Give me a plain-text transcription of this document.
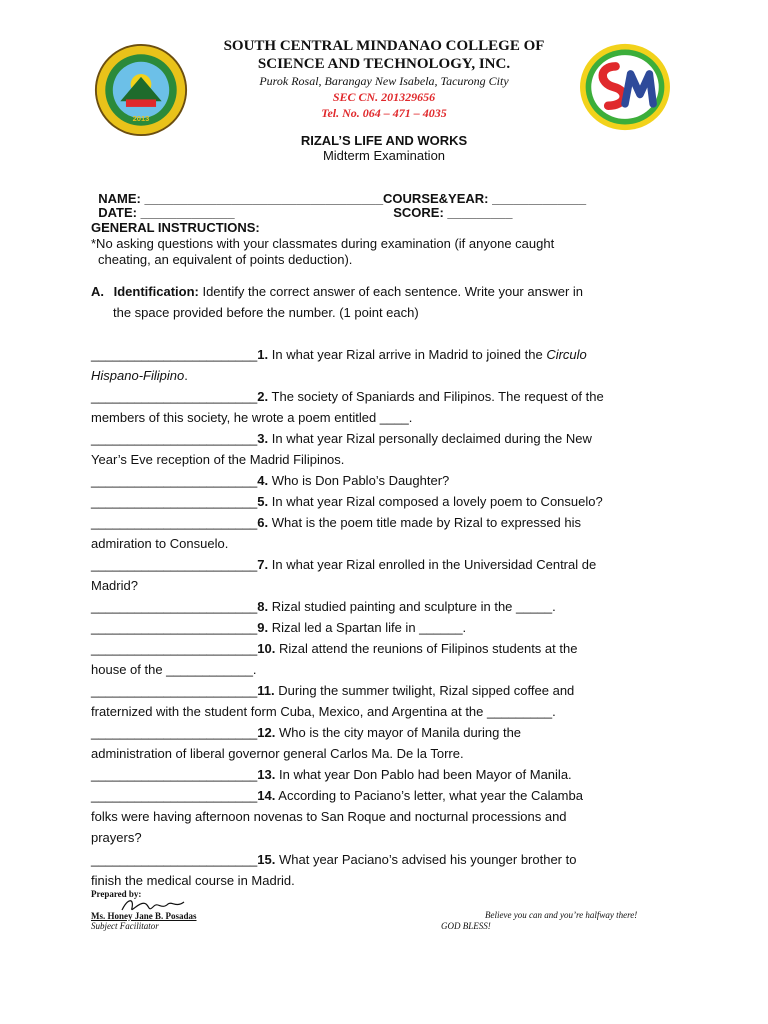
2013
SOUTH CENTRAL MINDANAO COLLEGE OF
SCIENCE AND TECHNOLOGY, INC.
Purok Rosal, Barangay New Isabela, Tacurong City
SEC CN. 201329656
Tel. No. 064 – 471 – 4035
RIZAL’S LIFE AND WORKS
Midterm Examination

NAME: _________________________________COURSE&YEAR: _____________

DATE: _____________	SCORE: _________

GENERAL INSTRUCTIONS:
*No asking questions with your classmates during examination (if anyone caught
cheating, an equivalent of points deduction).
A. Identification: Identify the correct answer of each sentence. Write your answer in
the space provided before the number. (1 point each)
_______________________1. In what year Rizal arrive in Madrid to joined the Circulo
Hispano-Filipino.
_______________________2. The society of Spaniards and Filipinos. The request of the
members of this society, he wrote a poem entitled ____.
_______________________3. In what year Rizal personally declaimed during the New
Year’s Eve reception of the Madrid Filipinos.
_______________________4. Who is Don Pablo’s Daughter?
_______________________5. In what year Rizal composed a lovely poem to Consuelo?
_______________________6. What is the poem title made by Rizal to expressed his
admiration to Consuelo.
_______________________7. In what year Rizal enrolled in the Universidad Central de
Madrid?
_______________________8. Rizal studied painting and sculpture in the _____.
_______________________9. Rizal led a Spartan life in ______.
_______________________10. Rizal attend the reunions of Filipinos students at the
house of the ____________.
_______________________11. During the summer twilight, Rizal sipped coffee and
fraternized with the student form Cuba, Mexico, and Argentina at the _________.
_______________________12. Who is the city mayor of Manila during the
administration of liberal governor general Carlos Ma. De la Torre.
_______________________13. In what year Don Pablo had been Mayor of Manila.
_______________________14. According to Paciano’s letter, what year the Calamba
folks were having afternoon novenas to San Roque and nocturnal processions and
prayers?
_______________________15. What year Paciano’s advised his younger brother to
finish the medical course in Madrid.
Prepared by:
Ms. Honey Jane B. Posadas
Subject Facilitator
Believe you can and you’re halfway there!
GOD BLESS!
